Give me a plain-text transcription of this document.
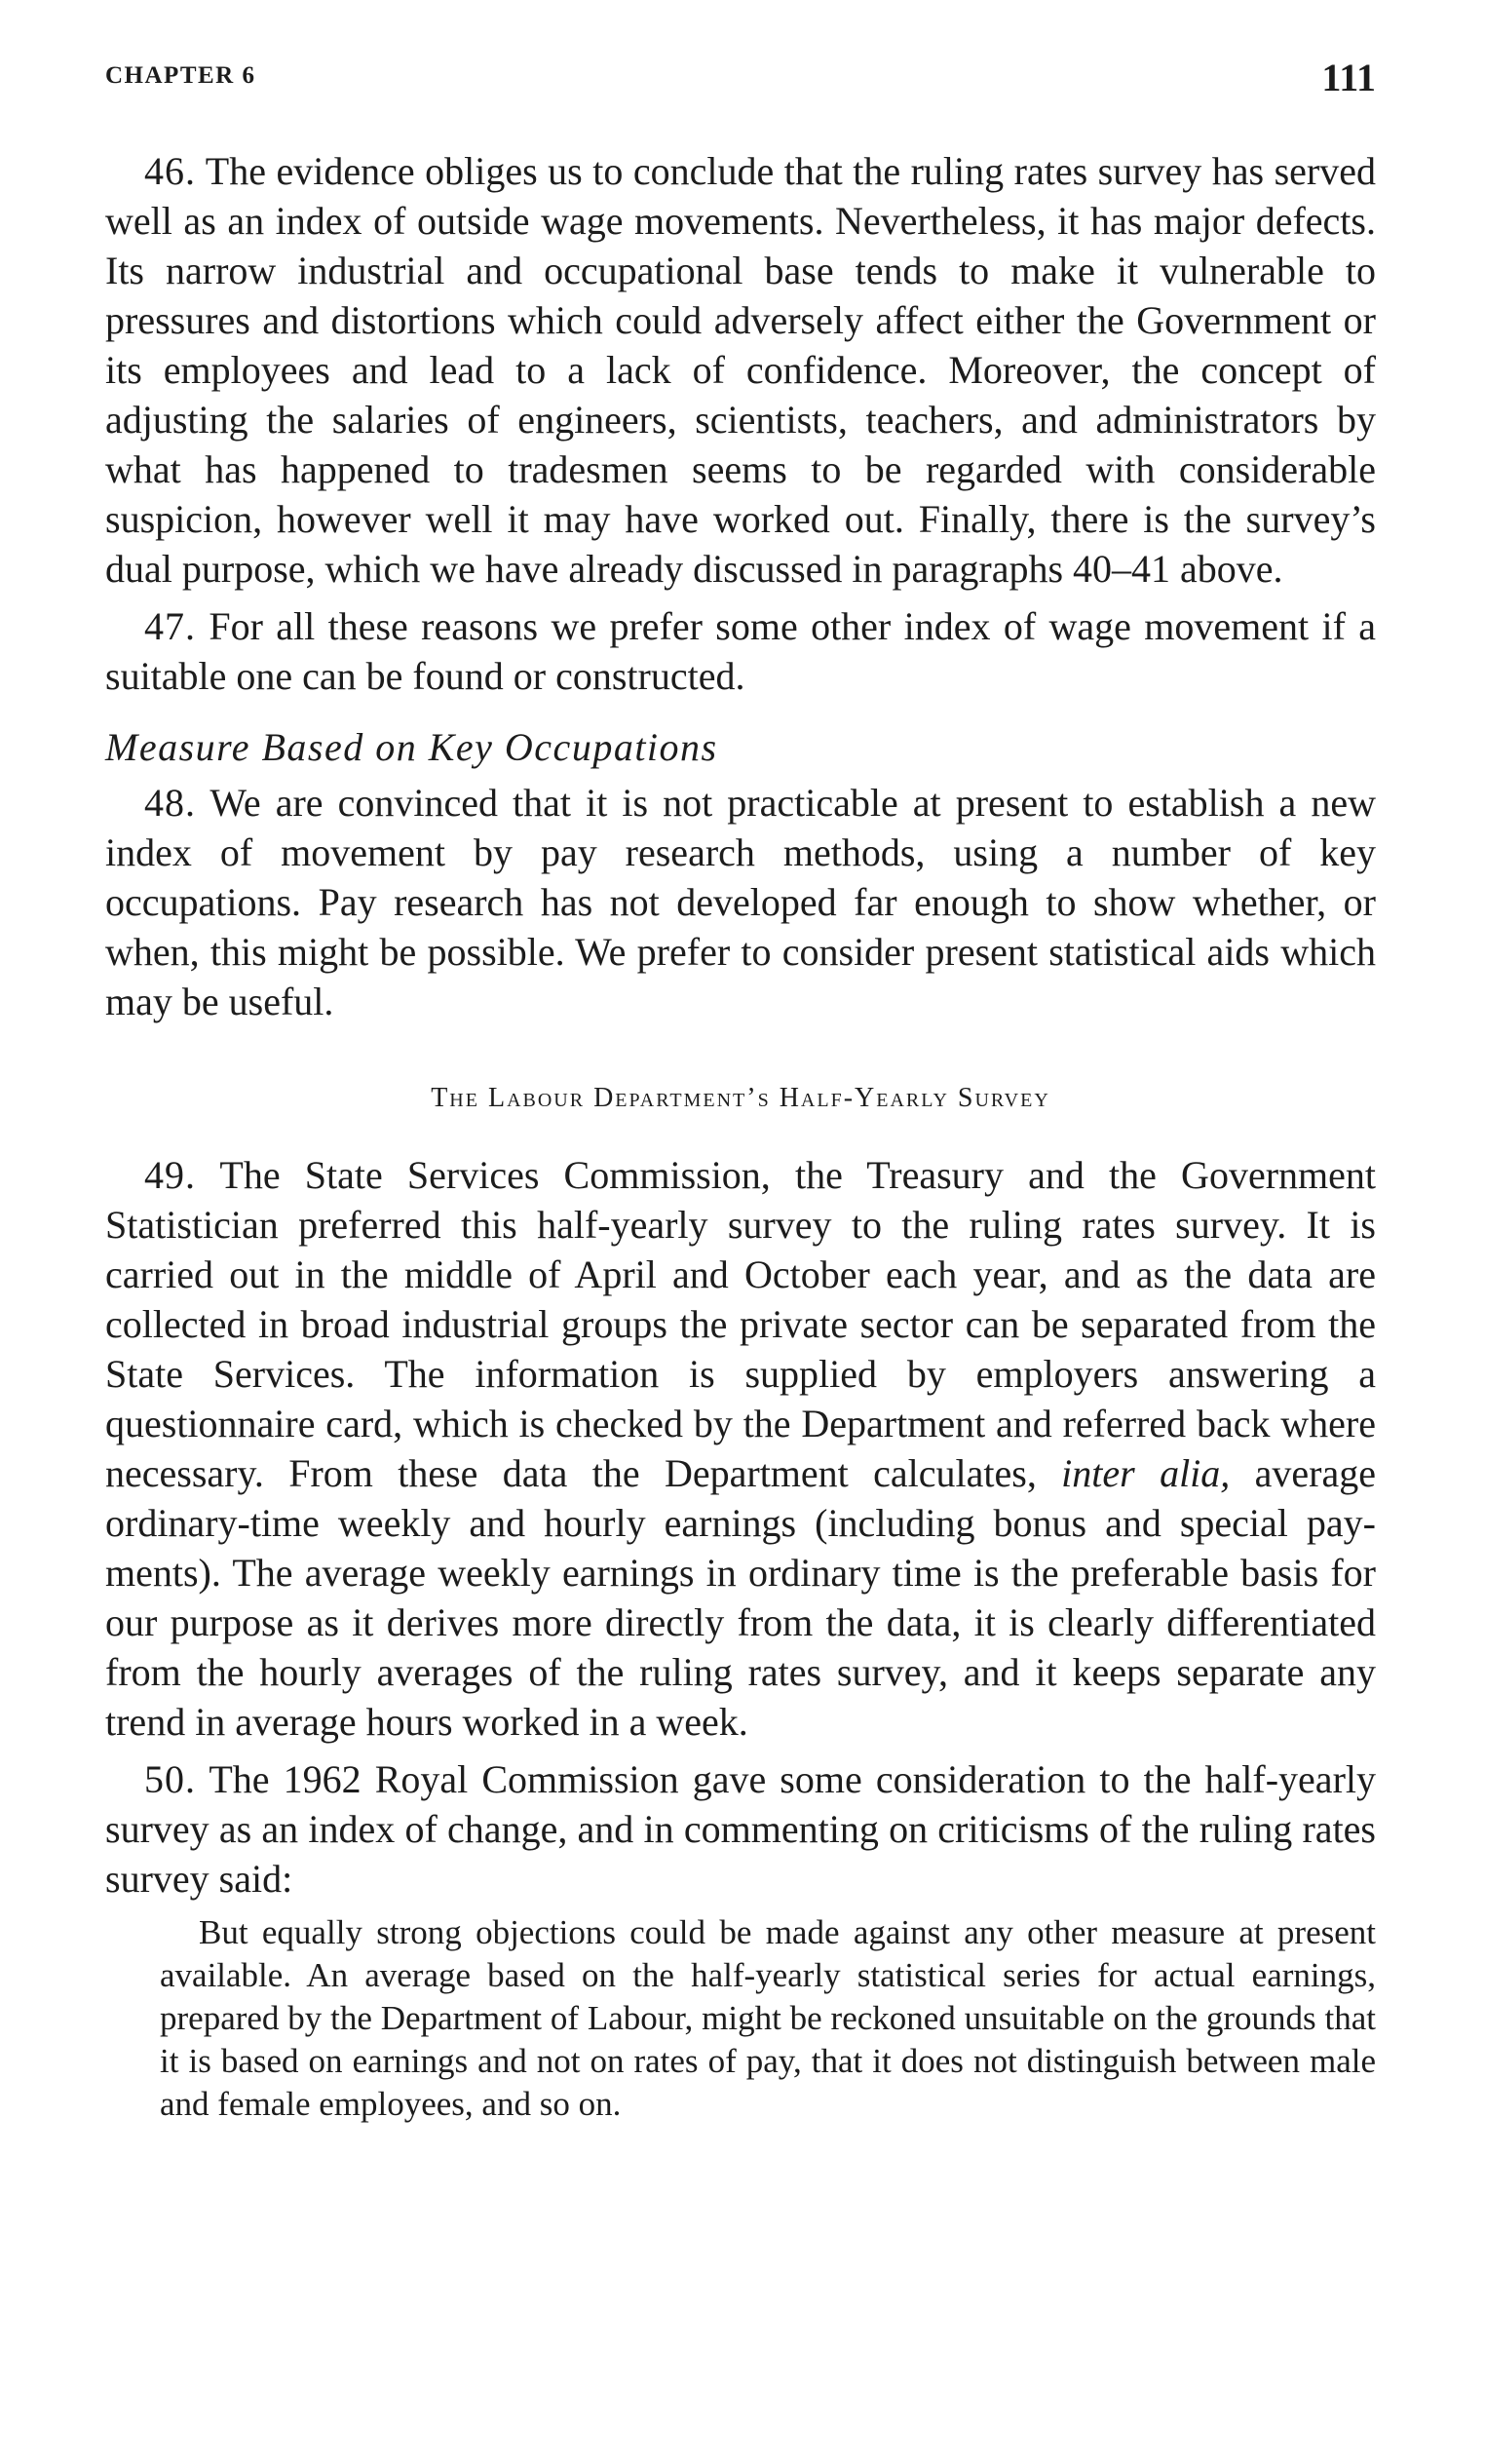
CHAPTER 6	111

46. The evidence obliges us to conclude that the ruling rates survey has served well as an index of outside wage movements. Nevertheless, it has major defects. Its narrow industrial and occupational base tends to make it vulnerable to pressures and distortions which could adversely affect either the Government or its employees and lead to a lack of confidence. Moreover, the concept of adjusting the salaries of engineers, scientists, teachers, and administrators by what has happened to tradesmen seems to be regarded with considerable suspicion, however well it may have worked out. Finally, there is the survey’s dual purpose, which we have already discussed in paragraphs 40–41 above.

47. For all these reasons we prefer some other index of wage movement if a suitable one can be found or constructed.

Measure Based on Key Occupations

48. We are convinced that it is not practicable at present to establish a new index of movement by pay research methods, using a number of key occupations. Pay research has not developed far enough to show whether, or when, this might be possible. We prefer to consider present statistical aids which may be useful.

The Labour Department’s Half-Yearly Survey

49. The State Services Commission, the Treasury and the Government Statistician preferred this half-yearly survey to the ruling rates survey. It is carried out in the middle of April and October each year, and as the data are collected in broad industrial groups the private sector can be separated from the State Services. The information is supplied by employers answering a questionnaire card, which is checked by the Department and referred back where necessary. From these data the Department calculates, inter alia, average ordinary-time weekly and hourly earnings (including bonus and special payments). The average weekly earnings in ordinary time is the preferable basis for our purpose as it derives more directly from the data, it is clearly differentiated from the hourly averages of the ruling rates survey, and it keeps separate any trend in average hours worked in a week.

50. The 1962 Royal Commission gave some consideration to the half-yearly survey as an index of change, and in commenting on criticisms of the ruling rates survey said:

But equally strong objections could be made against any other measure at present available. An average based on the half-yearly statistical series for actual earnings, prepared by the Department of Labour, might be reckoned unsuitable on the grounds that it is based on earnings and not on rates of pay, that it does not distinguish between male and female employees, and so on.
